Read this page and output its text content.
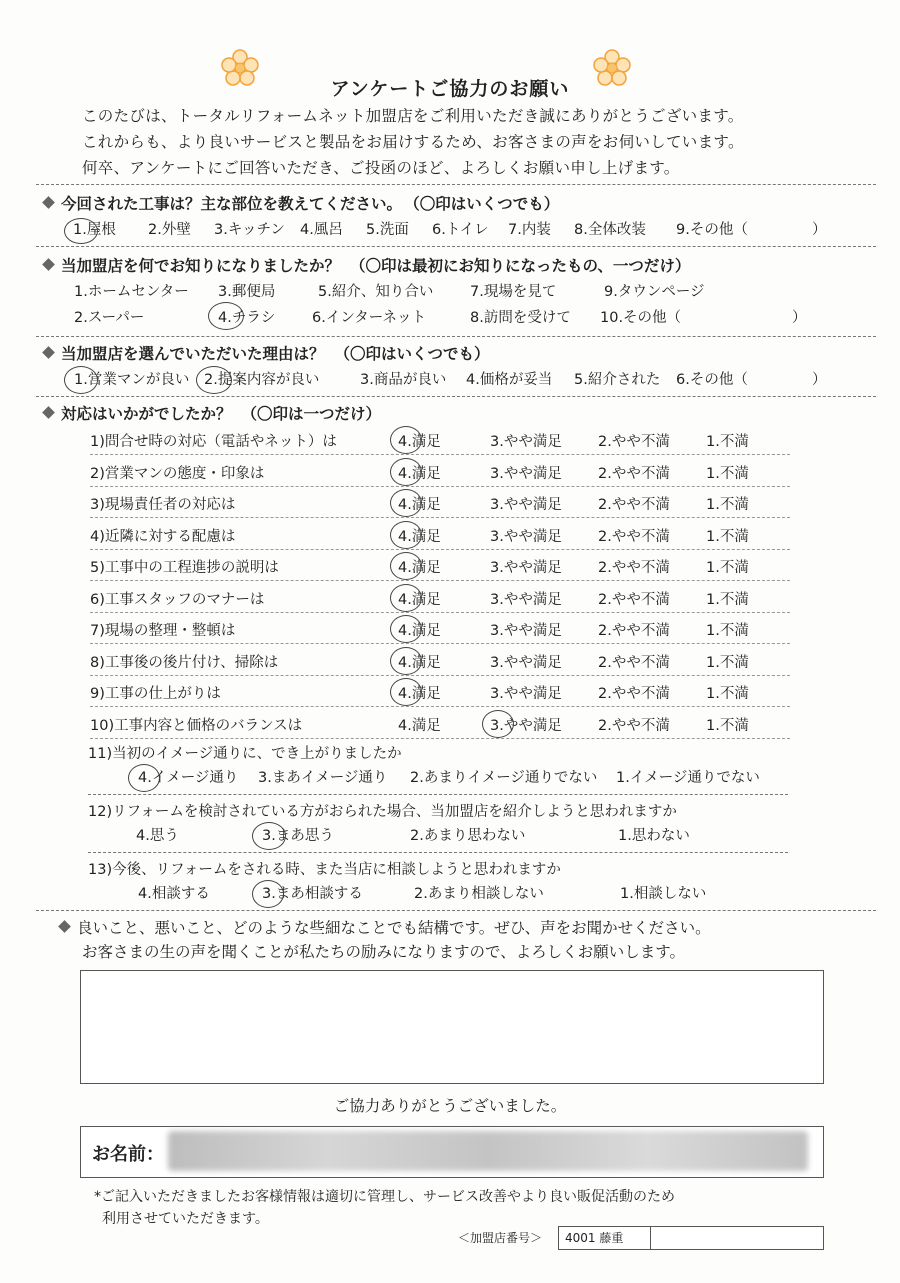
アンケートご協力のお願い
このたびは、トータルリフォームネット加盟店をご利用いただき誠にありがとうございます。
これからも、より良いサービスと製品をお届けするため、お客さまの声をお伺いしています。
何卒、アンケートにご回答いただき、ご投函のほど、よろしくお願い申し上げます。
今回された工事は？主な部位を教えてください。 （〇印はいくつでも）
1.屋根 2.外壁 3.キッチン 4.風呂 5.洗面 6.トイレ 7.内装 8.全体改装 9.その他（	）
当加盟店を何でお知りになりましたか？ （〇印は最初にお知りになったもの、一つだけ）
1.ホームセンター 3.郵便局	5.紹介、知り合い	7.現場を見て	9.タウンページ
2.スーパー	4.チラシ	6.インターネット	8.訪問を受けて 10.その他（	）
当加盟店を選んでいただいた理由は？ （〇印はいくつでも）
1.営業マンが良い 2.提案内容が良い	3.商品が良い 4.価格が妥当 5.紹介された 6.その他（	）
対応はいかがでしたか？ （〇印は一つだけ）
1)問合せ時の対応（電話やネット）は	4.満足	3.やや満足 2.やや不満 1.不満
2)営業マンの態度・印象は	4.満足	3.やや満足 2.やや不満 1.不満
3)現場責任者の対応は	4.満足	3.やや満足 2.やや不満 1.不満
4)近隣に対する配慮は	4.満足	3.やや満足 2.やや不満 1.不満
5)工事中の工程進捗の説明は	4.満足	3.やや満足 2.やや不満 1.不満
6)工事スタッフのマナーは	4.満足	3.やや満足 2.やや不満 1.不満
7)現場の整理・整頓は	4.満足	3.やや満足 2.やや不満 1.不満
8)工事後の後片付け、掃除は	4.満足	3.やや満足 2.やや不満 1.不満
9)工事の仕上がりは	4.満足	3.やや満足 2.やや不満 1.不満
10)工事内容と価格のバランスは	4.満足	3.やや満足 2.やや不満 1.不満
11)当初のイメージ通りに、でき上がりましたか
4.イメージ通り 3.まあイメージ通り 2.あまりイメージ通りでない 1.イメージ通りでない
12)リフォームを検討されている方がおられた場合、当加盟店を紹介しようと思われますか
4.思う	3.まあ思う	2.あまり思わない	1.思わない
13)今後、リフォームをされる時、また当店に相談しようと思われますか
4.相談する	3.まあ相談する	2.あまり相談しない	1.相談しない
良いこと、悪いこと、どのような些細なことでも結構です。ぜひ、声をお聞かせください。
お客さまの生の声を聞くことが私たちの励みになりますので、よろしくお願いします。
ご協力ありがとうございました。
お名前：
*ご記入いただきましたお客様情報は適切に管理し、サービス改善やより良い販促活動のため
利用させていただきます。
＜加盟店番号＞	4001 藤重
